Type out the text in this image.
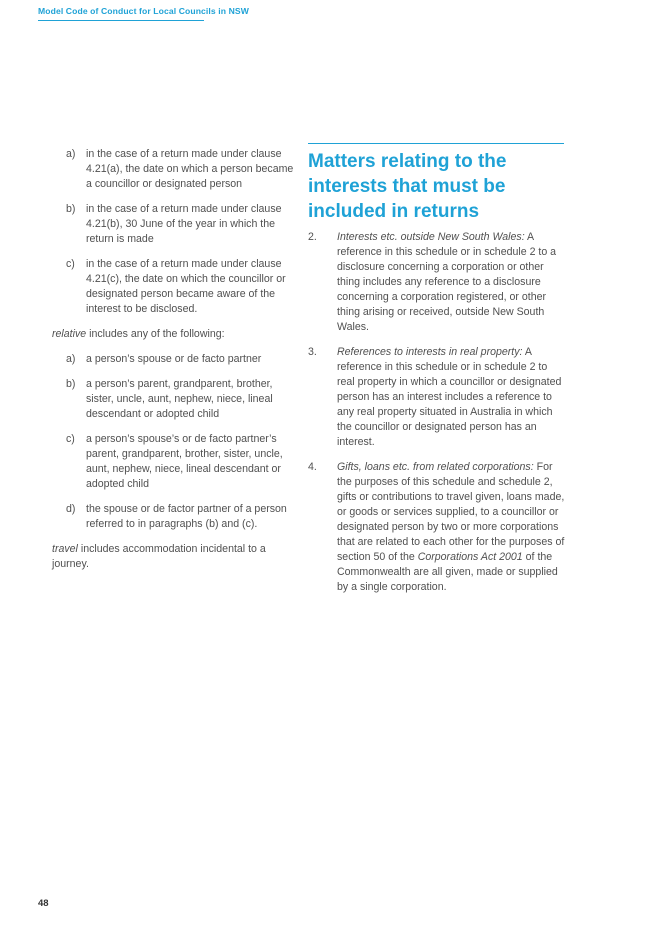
Model Code of Conduct for Local Councils in NSW
a) in the case of a return made under clause 4.21(a), the date on which a person became a councillor or designated person
b) in the case of a return made under clause 4.21(b), 30 June of the year in which the return is made
c)	in the case of a return made under clause 4.21(c), the date on which the councillor or designated person became aware of the interest to be disclosed.
relative includes any of the following:
a) a person’s spouse or de facto partner
b) a person’s parent, grandparent, brother, sister, uncle, aunt, nephew, niece, lineal descendant or adopted child
c)	a person’s spouse’s or de facto partner’s parent, grandparent, brother, sister, uncle, aunt, nephew, niece, lineal descendant or adopted child
d) the spouse or de factor partner of a person referred to in paragraphs (b) and (c).
travel includes accommodation incidental to a journey.
Matters relating to the interests that must be included in returns
2.	Interests etc. outside New South Wales: A reference in this schedule or in schedule 2 to a disclosure concerning a corporation or other thing includes any reference to a disclosure concerning a corporation registered, or other thing arising or received, outside New South Wales.
3.	References to interests in real property: A reference in this schedule or in schedule 2 to real property in which a councillor or designated person has an interest includes a reference to any real property situated in Australia in which the councillor or designated person has an interest.
4.	Gifts, loans etc. from related corporations: For the purposes of this schedule and schedule 2, gifts or contributions to travel given, loans made, or goods or services supplied, to a councillor or designated person by two or more corporations that are related to each other for the purposes of section 50 of the Corporations Act 2001 of the Commonwealth are all given, made or supplied by a single corporation.
48
